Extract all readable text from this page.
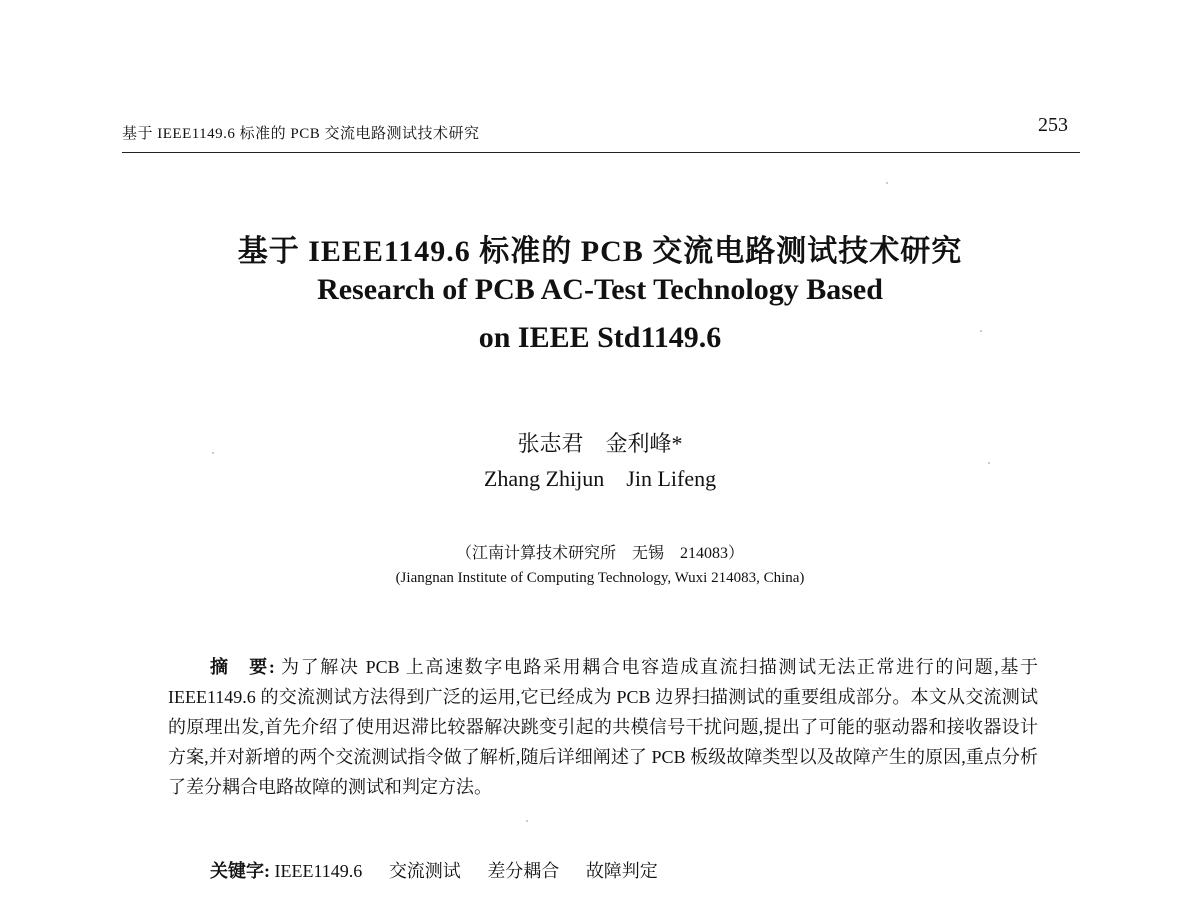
基于 IEEE1149.6 标准的 PCB 交流电路测试技术研究	253
基于 IEEE1149.6 标准的 PCB 交流电路测试技术研究
Research of PCB AC-Test Technology Based
on IEEE Std1149.6
张志君 金利峰*
Zhang Zhijun Jin Lifeng
（江南计算技术研究所　无锡　214083）
(Jiangnan Institute of Computing Technology, Wuxi 214083, China)

摘　要: 为了解决 PCB 上高速数字电路采用耦合电容造成直流扫描测试无法正常进行的问题,基于 IEEE1149.6 的交流测试方法得到广泛的运用,它已经成为 PCB 边界扫描测试的重要组成部分。本文从交流测试的原理出发,首先介绍了使用迟滞比较器解决跳变引起的共模信号干扰问题,提出了可能的驱动器和接收器设计方案,并对新增的两个交流测试指令做了解析,随后详细阐述了 PCB 板级故障类型以及故障产生的原因,重点分析了差分耦合电路故障的测试和判定方法。

关键字: IEEE1149.6 交流测试 差分耦合 故障判定
